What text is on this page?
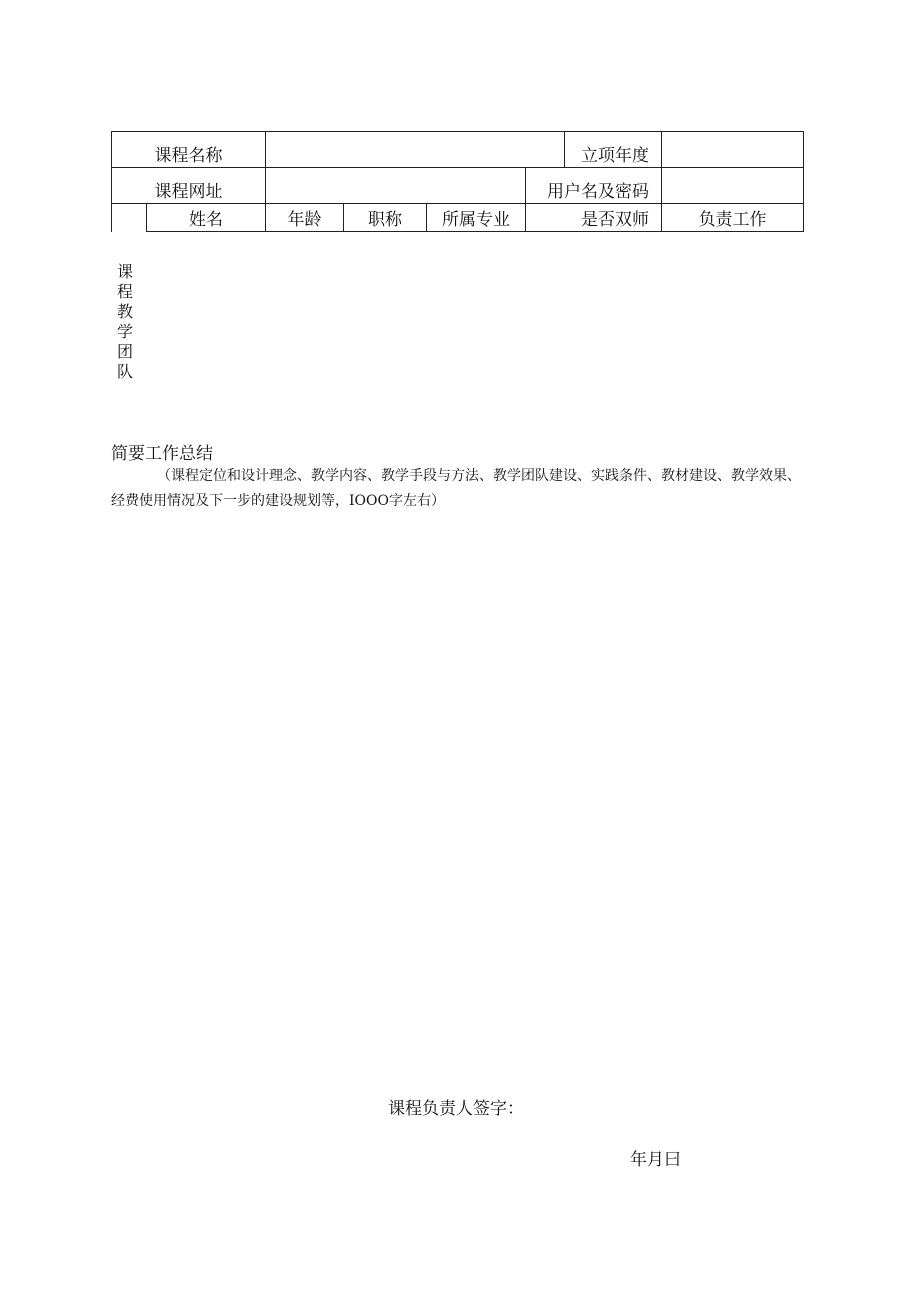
课程名称						立项年度	
课程网址					用户名及密码		
	姓名	年龄	职称	所属专业	是否双师		负责工作
课
程
教
学
团
队
简要工作总结
（课程定位和设计理念、教学内容、教学手段与方法、教学团队建设、实践条件、教材建设、教学效果、经费使用情况及下一步的建设规划等，IOOO字左右）
课程负责人签字：
年月曰
